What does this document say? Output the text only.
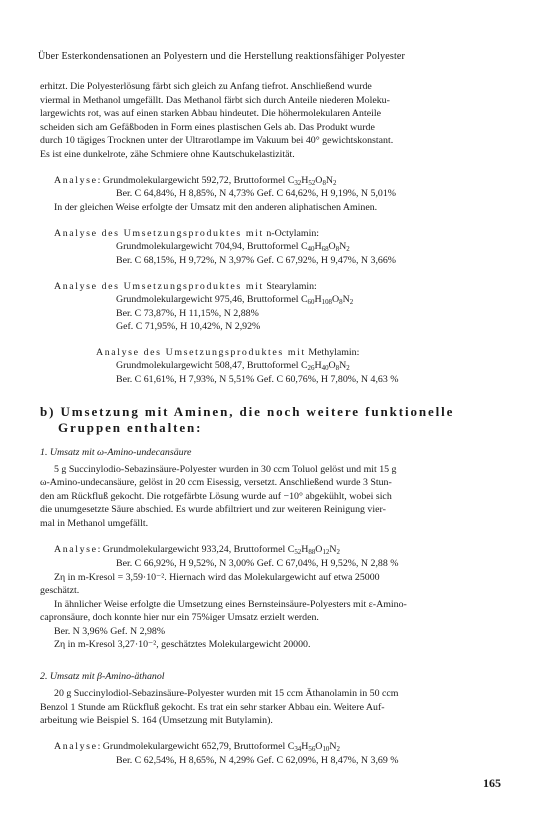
Über Esterkondensationen an Polyestern und die Herstellung reaktionsfähiger Polyester
erhitzt. Die Polyesterlösung färbt sich gleich zu Anfang tiefrot. Anschließend wurde
viermal in Methanol umgefällt. Das Methanol färbt sich durch Anteile niederen Moleku-
largewichts rot, was auf einen starken Abbau hindeutet. Die höhermolekularen Anteile
scheiden sich am Gefäßboden in Form eines plastischen Gels ab. Das Produkt wurde
durch 10 tägiges Trocknen unter der Ultrarotlampe im Vakuum bei 40° gewichtskonstant.
Es ist eine dunkelrote, zähe Schmiere ohne Kautschukelastizität.
Analyse: Grundmolekulargewicht 592,72, Bruttoformel $C_{32}H_{52}O_8N_2$
Ber. C 64,84%, H 8,85%, N 4,73% Gef. C 64,62%, H 9,19%, N 5,01%
In der gleichen Weise erfolgte der Umsatz mit den anderen aliphatischen Aminen.
Analyse des Umsetzungsproduktes mit n-Octylamin:
Grundmolekulargewicht 704,94, Bruttoformel $C_{40}H_{68}O_8N_2$
Ber. C 68,15%, H 9,72%, N 3,97% Gef. C 67,92%, H 9,47%, N 3,66%
Analyse des Umsetzungsproduktes mit Stearylamin:
Grundmolekulargewicht 975,46, Bruttoformel $C_{60}H_{108}O_8N_2$
Ber. C 73,87%, H 11,15%, N 2,88%
Gef. C 71,95%, H 10,42%, N 2,92%
Analyse des Umsetzungsproduktes mit Methylamin:
Grundmolekulargewicht 508,47, Bruttoformel $C_{26}H_{40}O_8N_2$
Ber. C 61,61%, H 7,93%, N 5,51% Gef. C 60,76%, H 7,80%, N 4,63 %
b) Umsetzung mit Aminen, die noch weitere funktionelle
Gruppen enthalten:
1. Umsatz mit ω-Amino-undecansäure
5 g Succinylodio-Sebazinsäure-Polyester wurden in 30 ccm Toluol gelöst und mit 15 g
ω-Amino-undecansäure, gelöst in 20 ccm Eisessig, versetzt. Anschließend wurde 3 Stun-
den am Rückfluß gekocht. Die rotgefärbte Lösung wurde auf −10° abgekühlt, wobei sich
die unumgesetzte Säure abschied. Es wurde abfiltriert und zur weiteren Reinigung vier-
mal in Methanol umgefällt.
Analyse: Grundmolekulargewicht 933,24, Bruttoformel $C_{52}H_{88}O_{12}N_2$
Ber. C 66,92%, H 9,52%, N 3,00% Gef. C 67,04%, H 9,52%, N 2,88 %
Zη in m-Kresol = 3,59·10⁻². Hiernach wird das Molekulargewicht auf etwa 25000
geschätzt.
In ähnlicher Weise erfolgte die Umsetzung eines Bernsteinsäure-Polyesters mit ε-Amino-
capronsäure, doch konnte hier nur ein 75%iger Umsatz erzielt werden.
Ber. N 3,96% Gef. N 2,98%
Zη in m-Kresol 3,27·10⁻², geschätztes Molekulargewicht 20000.
2. Umsatz mit β-Amino-äthanol
20 g Succinylodiol-Sebazinsäure-Polyester wurden mit 15 ccm Äthanolamin in 50 ccm
Benzol 1 Stunde am Rückfluß gekocht. Es trat ein sehr starker Abbau ein. Weitere Auf-
arbeitung wie Beispiel S. 164 (Umsetzung mit Butylamin).
Analyse: Grundmolekulargewicht 652,79, Bruttoformel $C_{34}H_{56}O_{10}N_2$
Ber. C 62,54%, H 8,65%, N 4,29% Gef. C 62,09%, H 8,47%, N 3,69 %
165
